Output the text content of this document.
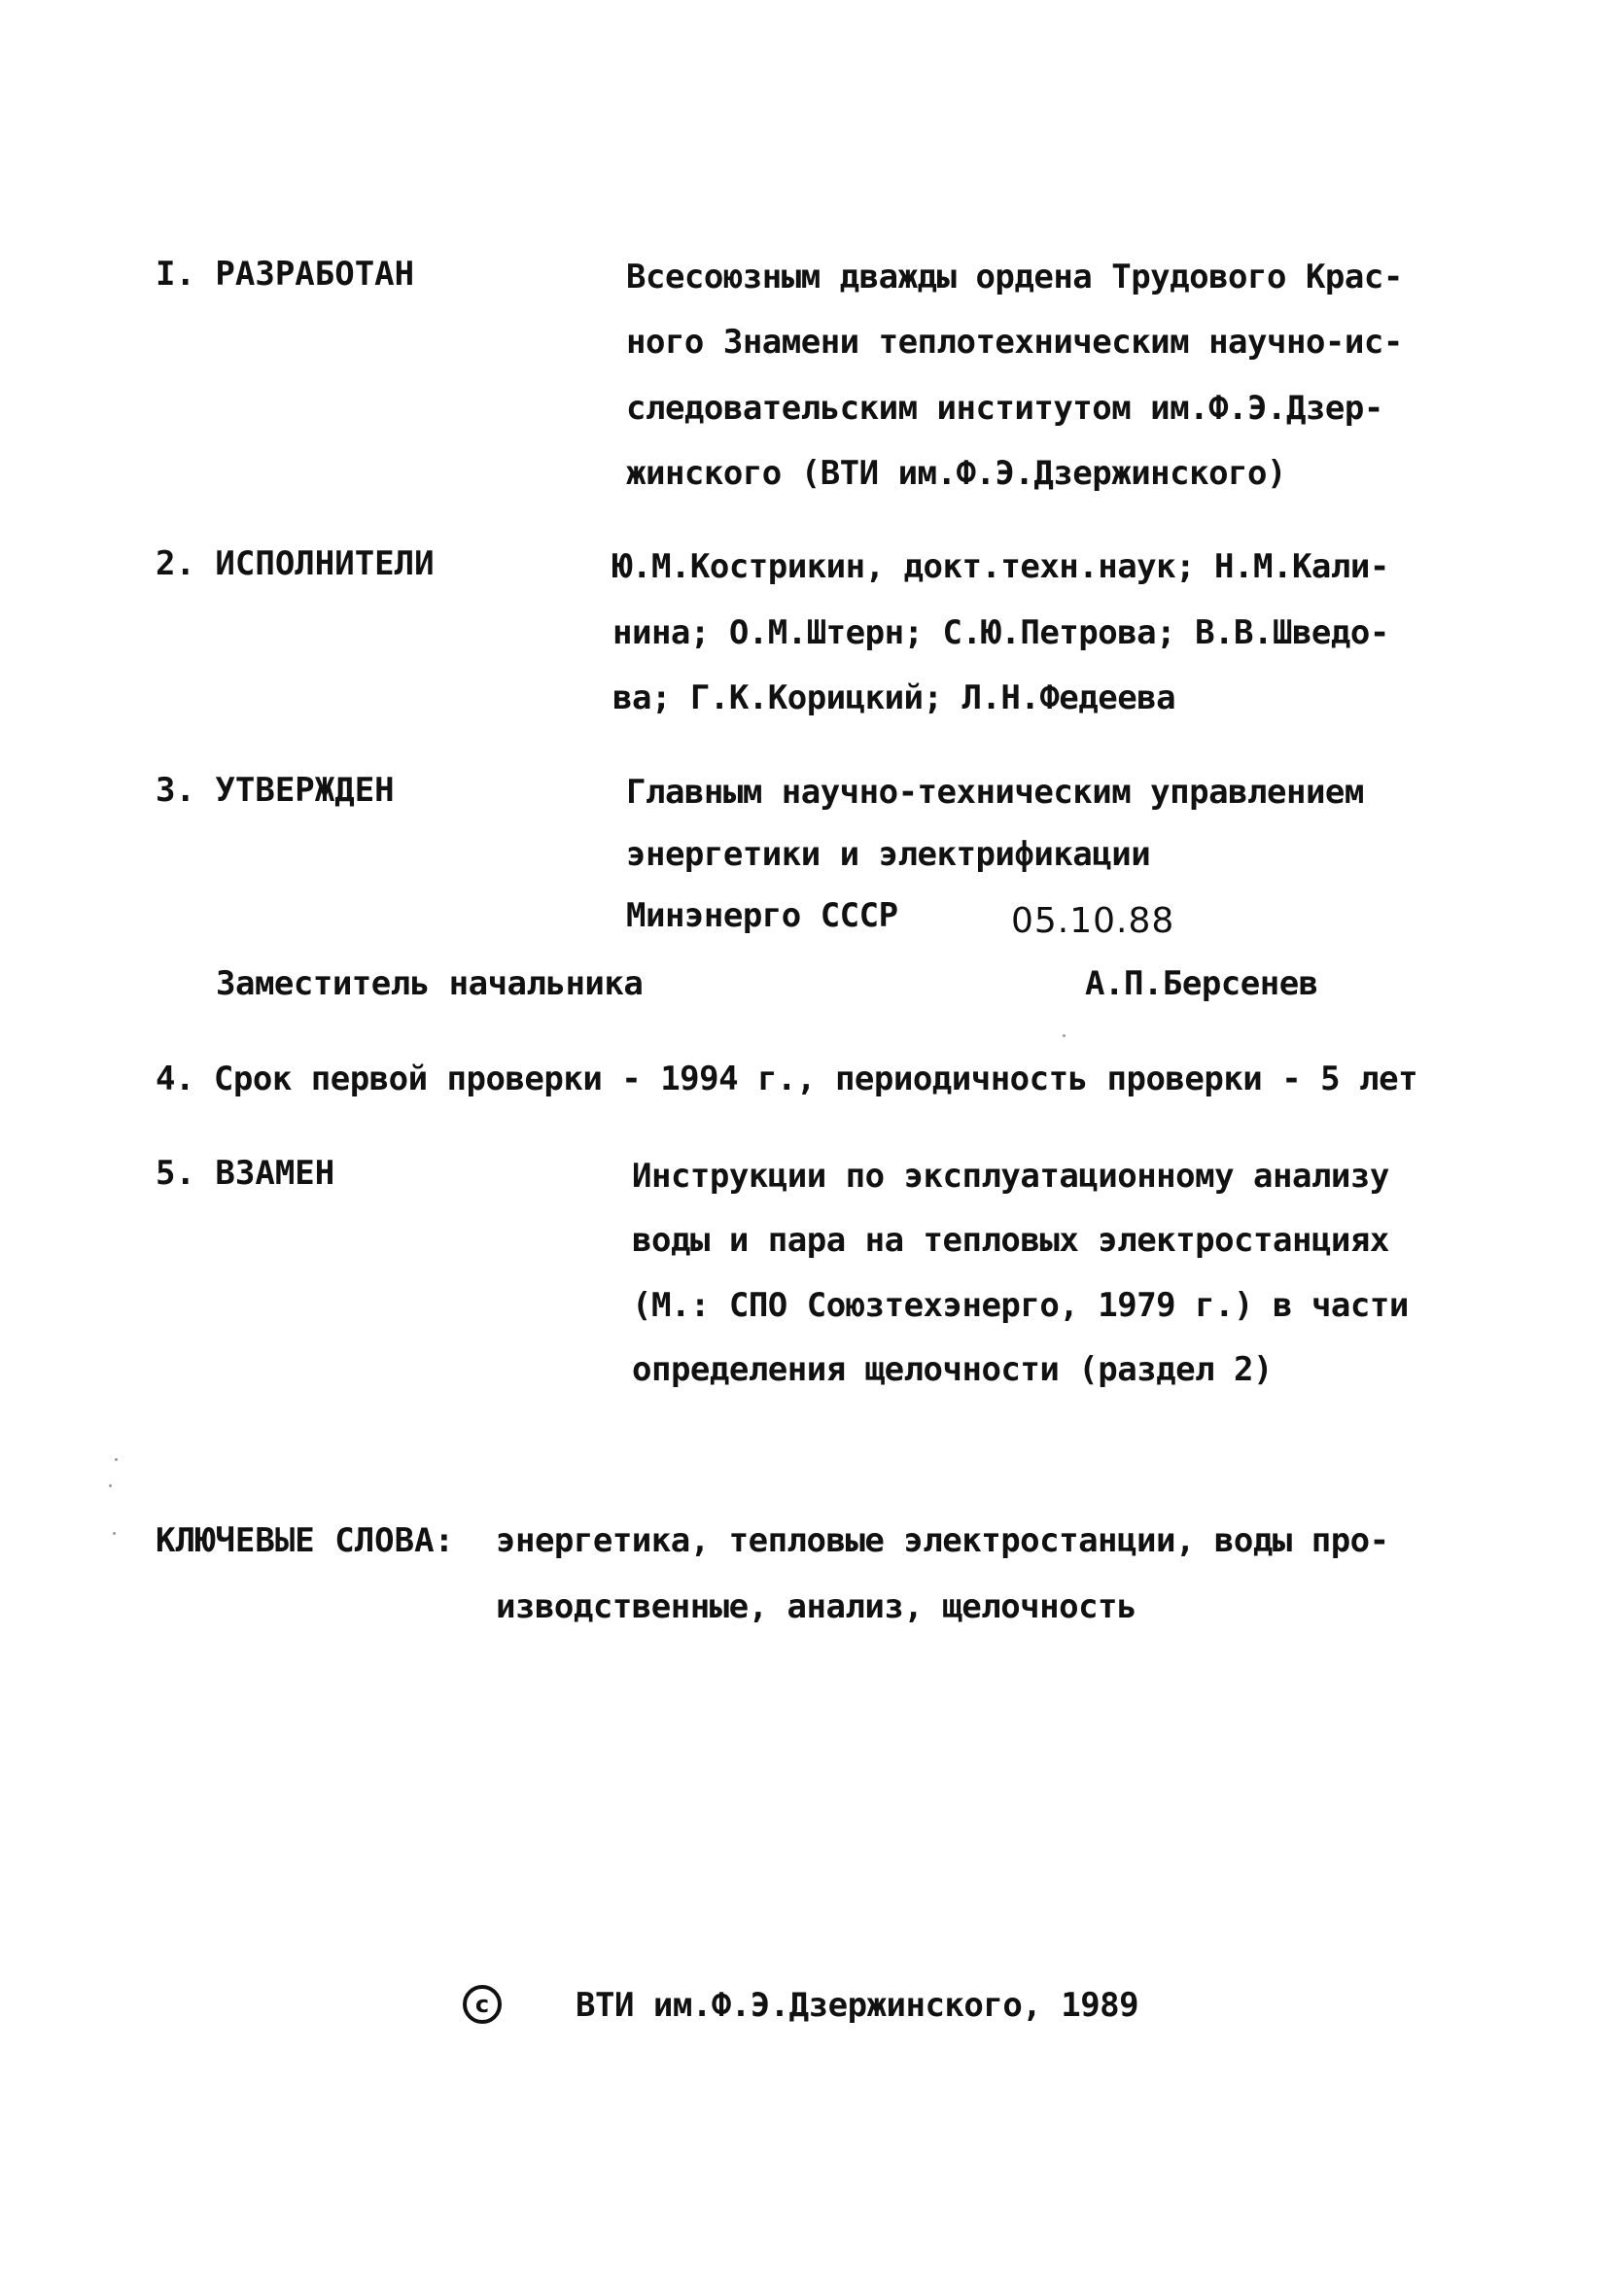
I. РАЗРАБОТАН	Всесоюзным дважды ордена Трудового Крас-
ного Знамени теплотехническим научно-ис-
следовательским институтом им.Ф.Э.Дзер-
жинского (ВТИ им.Ф.Э.Дзержинского)
2. ИСПОЛНИТЕЛИ	Ю.М.Кострикин, докт.техн.наук; Н.М.Кали-
нина; О.М.Штерн; С.Ю.Петрова; В.В.Шведо-
ва; Г.К.Корицкий; Л.Н.Федеева
3. УТВЕРЖДЕН	Главным научно-техническим управлением
энергетики и электрификации
Минэнерго СССР	05.10.88
Заместитель начальника	А.П.Берсенев
4. Срок первой проверки - 1994 г., периодичность проверки - 5 лет
5. ВЗАМЕН	Инструкции по эксплуатационному анализу
воды и пара на тепловых электростанциях
(М.: СПО Союзтехэнерго, 1979 г.) в части
определения щелочности (раздел 2)
КЛЮЧЕВЫЕ СЛОВА: энергетика, тепловые электростанции, воды про-
изводственные, анализ, щелочность
c	ВТИ им.Ф.Э.Дзержинского, 1989
